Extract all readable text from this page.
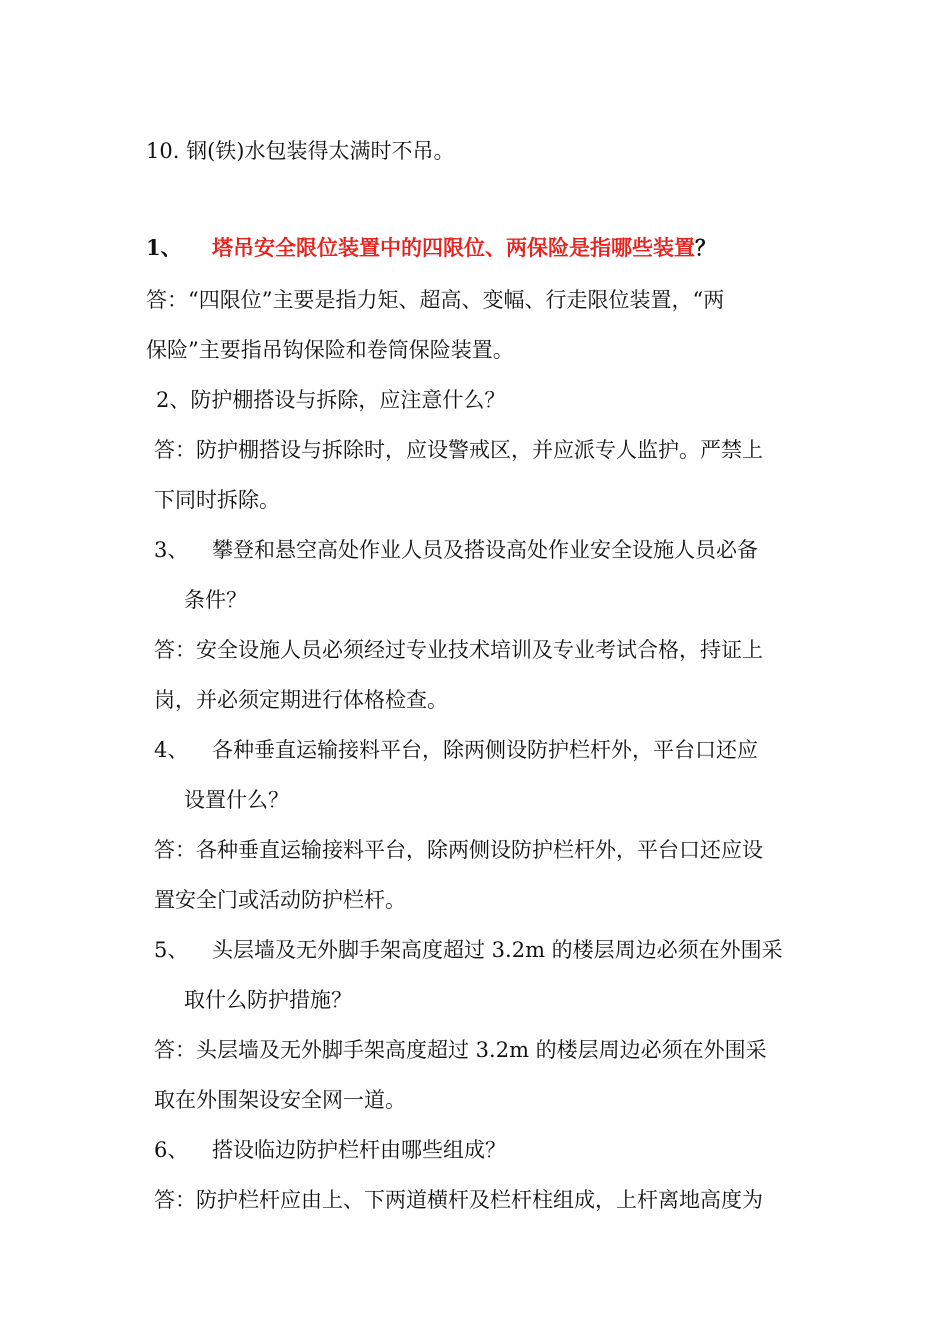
10. 钢(铁)水包装得太满时不吊。
1、 塔吊安全限位装置中的四限位、两保险是指哪些装置？
答：“四限位”主要是指力矩、超高、变幅、行走限位装置，“两
保险”主要指吊钩保险和卷筒保险装置。
2、防护棚搭设与拆除，应注意什么？
答：防护棚搭设与拆除时，应设警戒区，并应派专人监护。严禁上
下同时拆除。
3、 攀登和悬空高处作业人员及搭设高处作业安全设施人员必备
条件？
答：安全设施人员必须经过专业技术培训及专业考试合格，持证上
岗，并必须定期进行体格检查。
4、 各种垂直运输接料平台，除两侧设防护栏杆外，平台口还应
设置什么？
答：各种垂直运输接料平台，除两侧设防护栏杆外，平台口还应设
置安全门或活动防护栏杆。
5、 头层墙及无外脚手架高度超过 3.2m 的楼层周边必须在外围采
取什么防护措施？
答：头层墙及无外脚手架高度超过 3.2m 的楼层周边必须在外围采
取在外围架设安全网一道。
6、 搭设临边防护栏杆由哪些组成？
答：防护栏杆应由上、下两道横杆及栏杆柱组成，上杆离地高度为
